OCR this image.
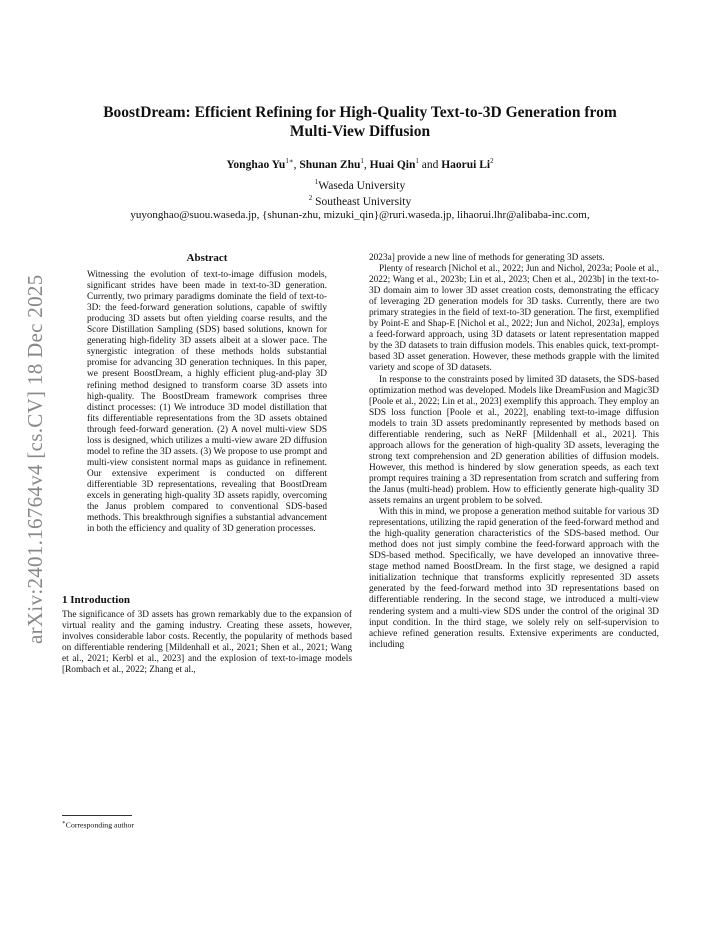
arXiv:2401.16764v4 [cs.CV] 18 Dec 2025
BoostDream: Efficient Refining for High-Quality Text-to-3D Generation from
Multi-View Diffusion
Yonghao $Yu^{1∗}$, Shunan Zhu$^1$, Huai Qin$^1$ and Haorui Li$^2$
$^1$Waseda University
$^2$ Southeast University
yuyonghao@suou.waseda.jp, {shunan-zhu, mizuki_qin}@ruri.waseda.jp, lihaorui.lhr@alibaba-inc.com,
Abstract
Witnessing the evolution of text-to-image diffusion models, significant strides have been made in text-to-3D generation. Currently, two primary paradigms dominate the field of text-to-3D: the feed-forward generation solutions, capable of swiftly producing 3D assets but often yielding coarse results, and the Score Distillation Sampling (SDS) based solutions, known for generating high-fidelity 3D assets albeit at a slower pace. The synergistic integration of these methods holds substantial promise for advancing 3D generation techniques. In this paper, we present BoostDream, a highly efficient plug-and-play 3D refining method designed to transform coarse 3D assets into high-quality. The BoostDream framework comprises three distinct processes: (1) We introduce 3D model distillation that fits differentiable representations from the 3D assets obtained through feed-forward generation. (2) A novel multi-view SDS loss is designed, which utilizes a multi-view aware 2D diffusion model to refine the 3D assets. (3) We propose to use prompt and multi-view consistent normal maps as guidance in refinement. Our extensive experiment is conducted on different differentiable 3D representations, revealing that BoostDream excels in generating high-quality 3D assets rapidly, overcoming the Janus problem compared to conventional SDS-based methods. This breakthrough signifies a substantial advancement in both the efficiency and quality of 3D generation processes.
1 Introduction
The significance of 3D assets has grown remarkably due to the expansion of virtual reality and the gaming industry. Creating these assets, however, involves considerable labor costs. Recently, the popularity of methods based on differentiable rendering [Mildenhall et al., 2021; Shen et al., 2021; Wang et al., 2021; Kerbl et al., 2023] and the explosion of text-to-image models [Rombach et al., 2022; Zhang et al.,

2023a] provide a new line of methods for generating 3D assets.

Plenty of research [Nichol et al., 2022; Jun and Nichol, 2023a; Poole et al., 2022; Wang et al., 2023b; Lin et al., 2023; Chen et al., 2023b] in the text-to-3D domain aim to lower 3D asset creation costs, demonstrating the efficacy of leveraging 2D generation models for 3D tasks. Currently, there are two primary strategies in the field of text-to-3D generation. The first, exemplified by Point-E and Shap-E [Nichol et al., 2022; Jun and Nichol, 2023a], employs a feed-forward approach, using 3D datasets or latent representation mapped by the 3D datasets to train diffusion models. This enables quick, text-prompt-based 3D asset generation. However, these methods grapple with the limited variety and scope of 3D datasets.

In response to the constraints posed by limited 3D datasets, the SDS-based optimization method was developed. Models like DreamFusion and Magic3D [Poole et al., 2022; Lin et al., 2023] exemplify this approach. They employ an SDS loss function [Poole et al., 2022], enabling text-to-image diffusion models to train 3D assets predominantly represented by methods based on differentiable rendering, such as NeRF [Mildenhall et al., 2021]. This approach allows for the generation of high-quality 3D assets, leveraging the strong text comprehension and 2D generation abilities of diffusion models. However, this method is hindered by slow generation speeds, as each text prompt requires training a 3D representation from scratch and suffering from the Janus (multi-head) problem. How to efficiently generate high-quality 3D assets remains an urgent problem to be solved.

With this in mind, we propose a generation method suitable for various 3D representations, utilizing the rapid generation of the feed-forward method and the high-quality generation characteristics of the SDS-based method. Our method does not just simply combine the feed-forward approach with the SDS-based method. Specifically, we have developed an innovative three-stage method named BoostDream. In the first stage, we designed a rapid initialization technique that transforms explicitly represented 3D assets generated by the feed-forward method into 3D representations based on differentiable rendering. In the second stage, we introduced a multi-view rendering system and a multi-view SDS under the control of the original 3D input condition. In the third stage, we solely rely on self-supervision to achieve refined generation results. Extensive experiments are conducted, including

∗Corresponding author
